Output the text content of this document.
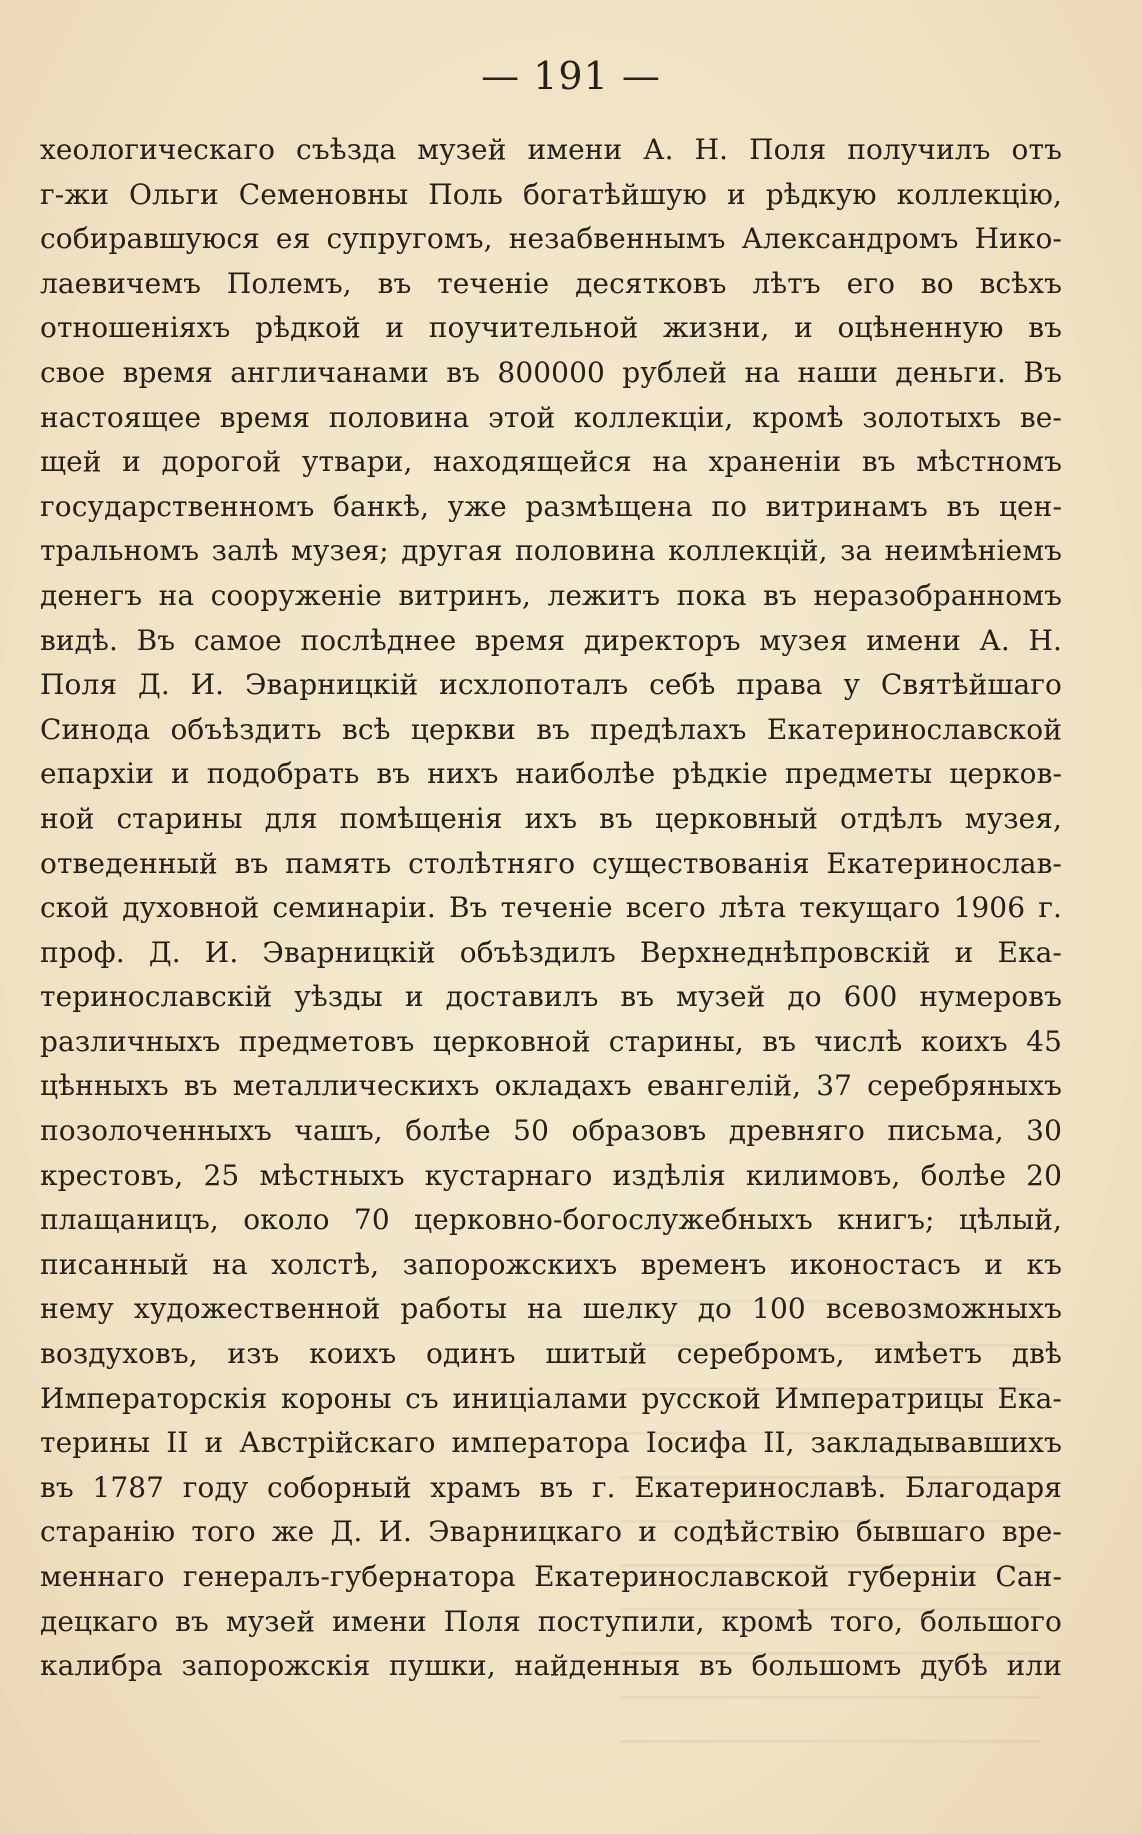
— 191 —
хеологическаго съѣзда музей имени А. Н. Поля получилъ отъ
г-жи Ольги Семеновны Поль богатѣйшую и рѣдкую коллекцію,
собиравшуюся ея супругомъ, незабвеннымъ Александромъ Нико-
лаевичемъ Полемъ, въ теченіе десятковъ лѣтъ его во всѣхъ
отношеніяхъ рѣдкой и поучительной жизни, и оцѣненную въ
свое время англичанами въ 800000 рублей на наши деньги. Въ
настоящее время половина этой коллекціи, кромѣ золотыхъ ве-
щей и дорогой утвари, находящейся на храненіи въ мѣстномъ
государственномъ банкѣ, уже размѣщена по витринамъ въ цен-
тральномъ залѣ музея; другая половина коллекцій, за неимѣніемъ
денегъ на сооруженіе витринъ, лежитъ пока въ неразобранномъ
видѣ. Въ самое послѣднее время директоръ музея имени А. Н.
Поля Д. И. Эварницкій исхлопоталъ себѣ права у Святѣйшаго
Синода объѣздить всѣ церкви въ предѣлахъ Екатеринославской
епархіи и подобрать въ нихъ наиболѣе рѣдкіе предметы церков-
ной старины для помѣщенія ихъ въ церковный отдѣлъ музея,
отведенный въ память столѣтняго существованія Екатеринослав-
ской духовной семинаріи. Въ теченіе всего лѣта текущаго 1906 г.
проф. Д. И. Эварницкій объѣздилъ Верхнеднѣпровскій и Ека-
теринославскій уѣзды и доставилъ въ музей до 600 нумеровъ
различныхъ предметовъ церковной старины, въ числѣ коихъ 45
цѣнныхъ въ металлическихъ окладахъ евангелій, 37 серебряныхъ
позолоченныхъ чашъ, болѣе 50 образовъ древняго письма, 30
крестовъ, 25 мѣстныхъ кустарнаго издѣлія килимовъ, болѣе 20
плащаницъ, около 70 церковно-богослужебныхъ книгъ; цѣлый,
писанный на холстѣ, запорожскихъ временъ иконостасъ и къ
нему художественной работы на шелку до 100 всевозможныхъ
воздуховъ, изъ коихъ одинъ шитый серебромъ, имѣетъ двѣ
Императорскія короны съ иниціалами русской Императрицы Ека-
терины II и Австрійскаго императора Іосифа II, закладывавшихъ
въ 1787 году соборный храмъ въ г. Екатеринославѣ. Благодаря
старанію того же Д. И. Эварницкаго и содѣйствію бывшаго вре-
меннаго генералъ-губернатора Екатеринославской губерніи Сан-
децкаго въ музей имени Поля поступили, кромѣ того, большого
калибра запорожскія пушки, найденныя въ большомъ дубѣ или
